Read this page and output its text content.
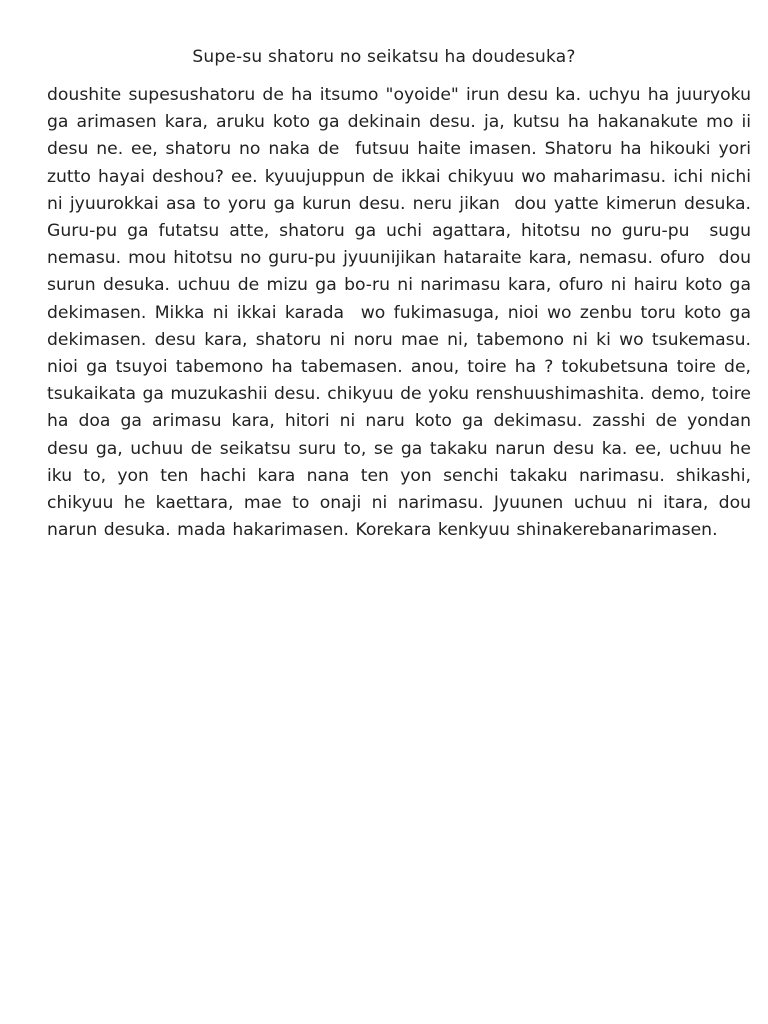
Supe-su shatoru no seikatsu ha doudesuka?

doushite supesushatoru de ha itsumo "oyoide" irun desu ka. uchyu ha juuryoku ga arimasen kara, aruku koto ga dekinain desu. ja, kutsu ha hakanakute mo ii desu ne. ee, shatoru no naka de  futsuu haite imasen. Shatoru ha hikouki yori zutto hayai deshou? ee. kyuujuppun de ikkai chikyuu wo maharimasu. ichi nichi ni jyuurokkai asa to yoru ga kurun desu. neru jikan  dou yatte kimerun desuka. Guru-pu ga futatsu atte, shatoru ga uchi agattara, hitotsu no guru-pu  sugu nemasu. mou hitotsu no guru-pu jyuunijikan hataraite kara, nemasu. ofuro  dou surun desuka. uchuu de mizu ga bo-ru ni narimasu kara, ofuro ni hairu koto ga dekimasen. Mikka ni ikkai karada  wo fukimasuga, nioi wo zenbu toru koto ga dekimasen. desu kara, shatoru ni noru mae ni, tabemono ni ki wo tsukemasu. nioi ga tsuyoi tabemono ha tabemasen. anou, toire ha ? tokubetsuna toire de, tsukaikata ga muzukashii desu. chikyuu de yoku renshuushimashita. demo, toire ha doa ga arimasu kara, hitori ni naru koto ga dekimasu. zasshi de yondan desu ga, uchuu de seikatsu suru to, se ga takaku narun desu ka. ee, uchuu he iku to, yon ten hachi kara nana ten yon senchi takaku narimasu. shikashi, chikyuu he kaettara, mae to onaji ni narimasu. Jyuunen uchuu ni itara, dou narun desuka. mada hakarimasen. Korekara kenkyuu shinakerebanarimasen.
